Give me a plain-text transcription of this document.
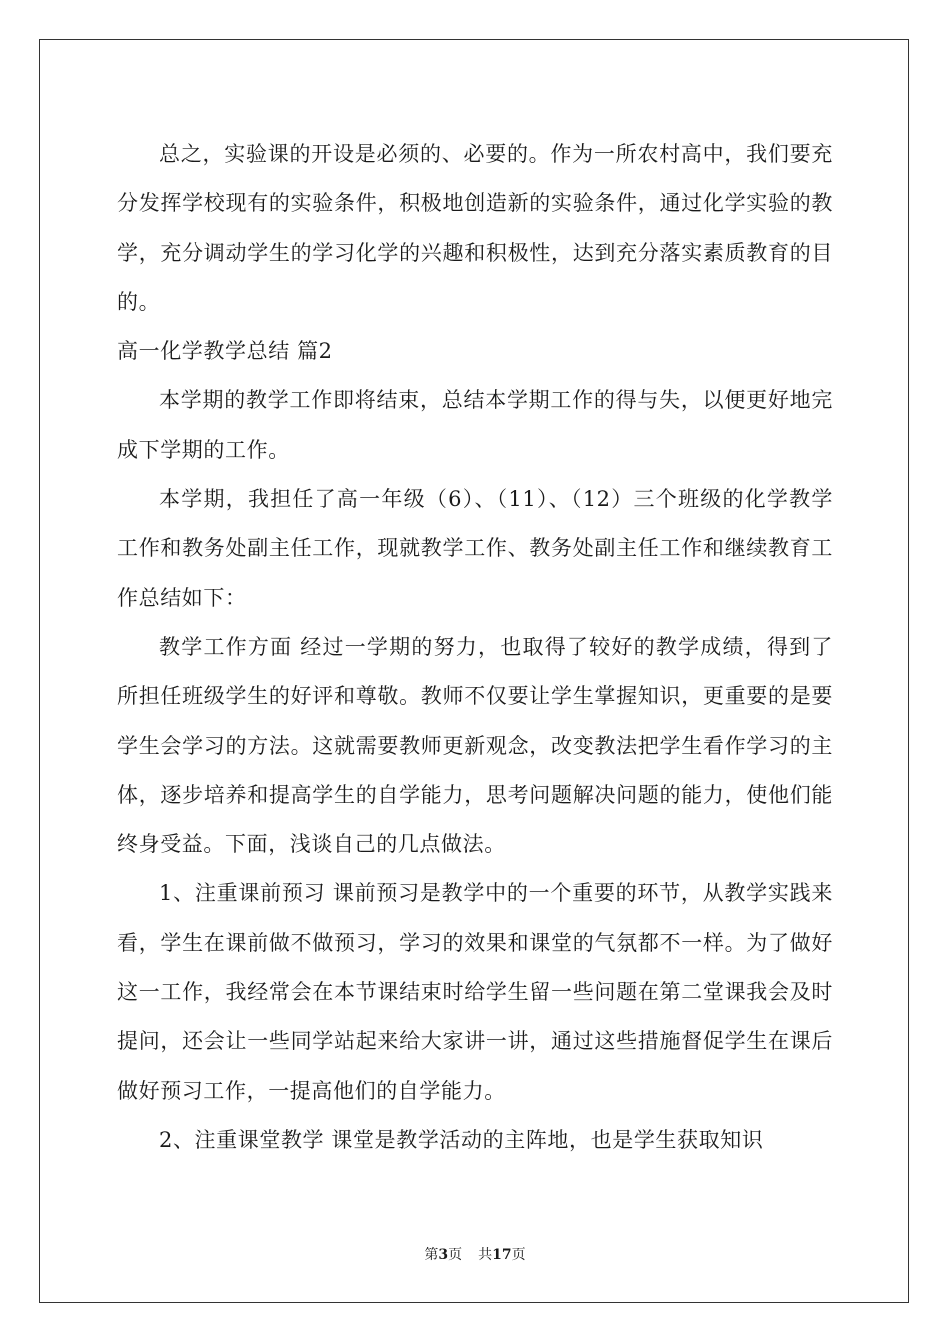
总之，实验课的开设是必须的、必要的。作为一所农村高中，我们要充分发挥学校现有的实验条件，积极地创造新的实验条件，通过化学实验的教学，充分调动学生的学习化学的兴趣和积极性，达到充分落实素质教育的目的。

高一化学教学总结 篇2

本学期的教学工作即将结束，总结本学期工作的得与失，以便更好地完成下学期的工作。

本学期，我担任了高一年级（6）、（11）、（12）三个班级的化学教学工作和教务处副主任工作，现就教学工作、教务处副主任工作和继续教育工作总结如下：

教学工作方面 经过一学期的努力，也取得了较好的教学成绩，得到了所担任班级学生的好评和尊敬。教师不仅要让学生掌握知识，更重要的是要学生会学习的方法。这就需要教师更新观念，改变教法把学生看作学习的主体，逐步培养和提高学生的自学能力，思考问题解决问题的能力，使他们能终身受益。下面，浅谈自己的几点做法。

1、注重课前预习 课前预习是教学中的一个重要的环节，从教学实践来看，学生在课前做不做预习，学习的效果和课堂的气氛都不一样。为了做好这一工作，我经常会在本节课结束时给学生留一些问题在第二堂课我会及时提问，还会让一些同学站起来给大家讲一讲，通过这些措施督促学生在课后做好预习工作，一提高他们的自学能力。

2、注重课堂教学 课堂是教学活动的主阵地，也是学生获取知识

第3页 共17页
